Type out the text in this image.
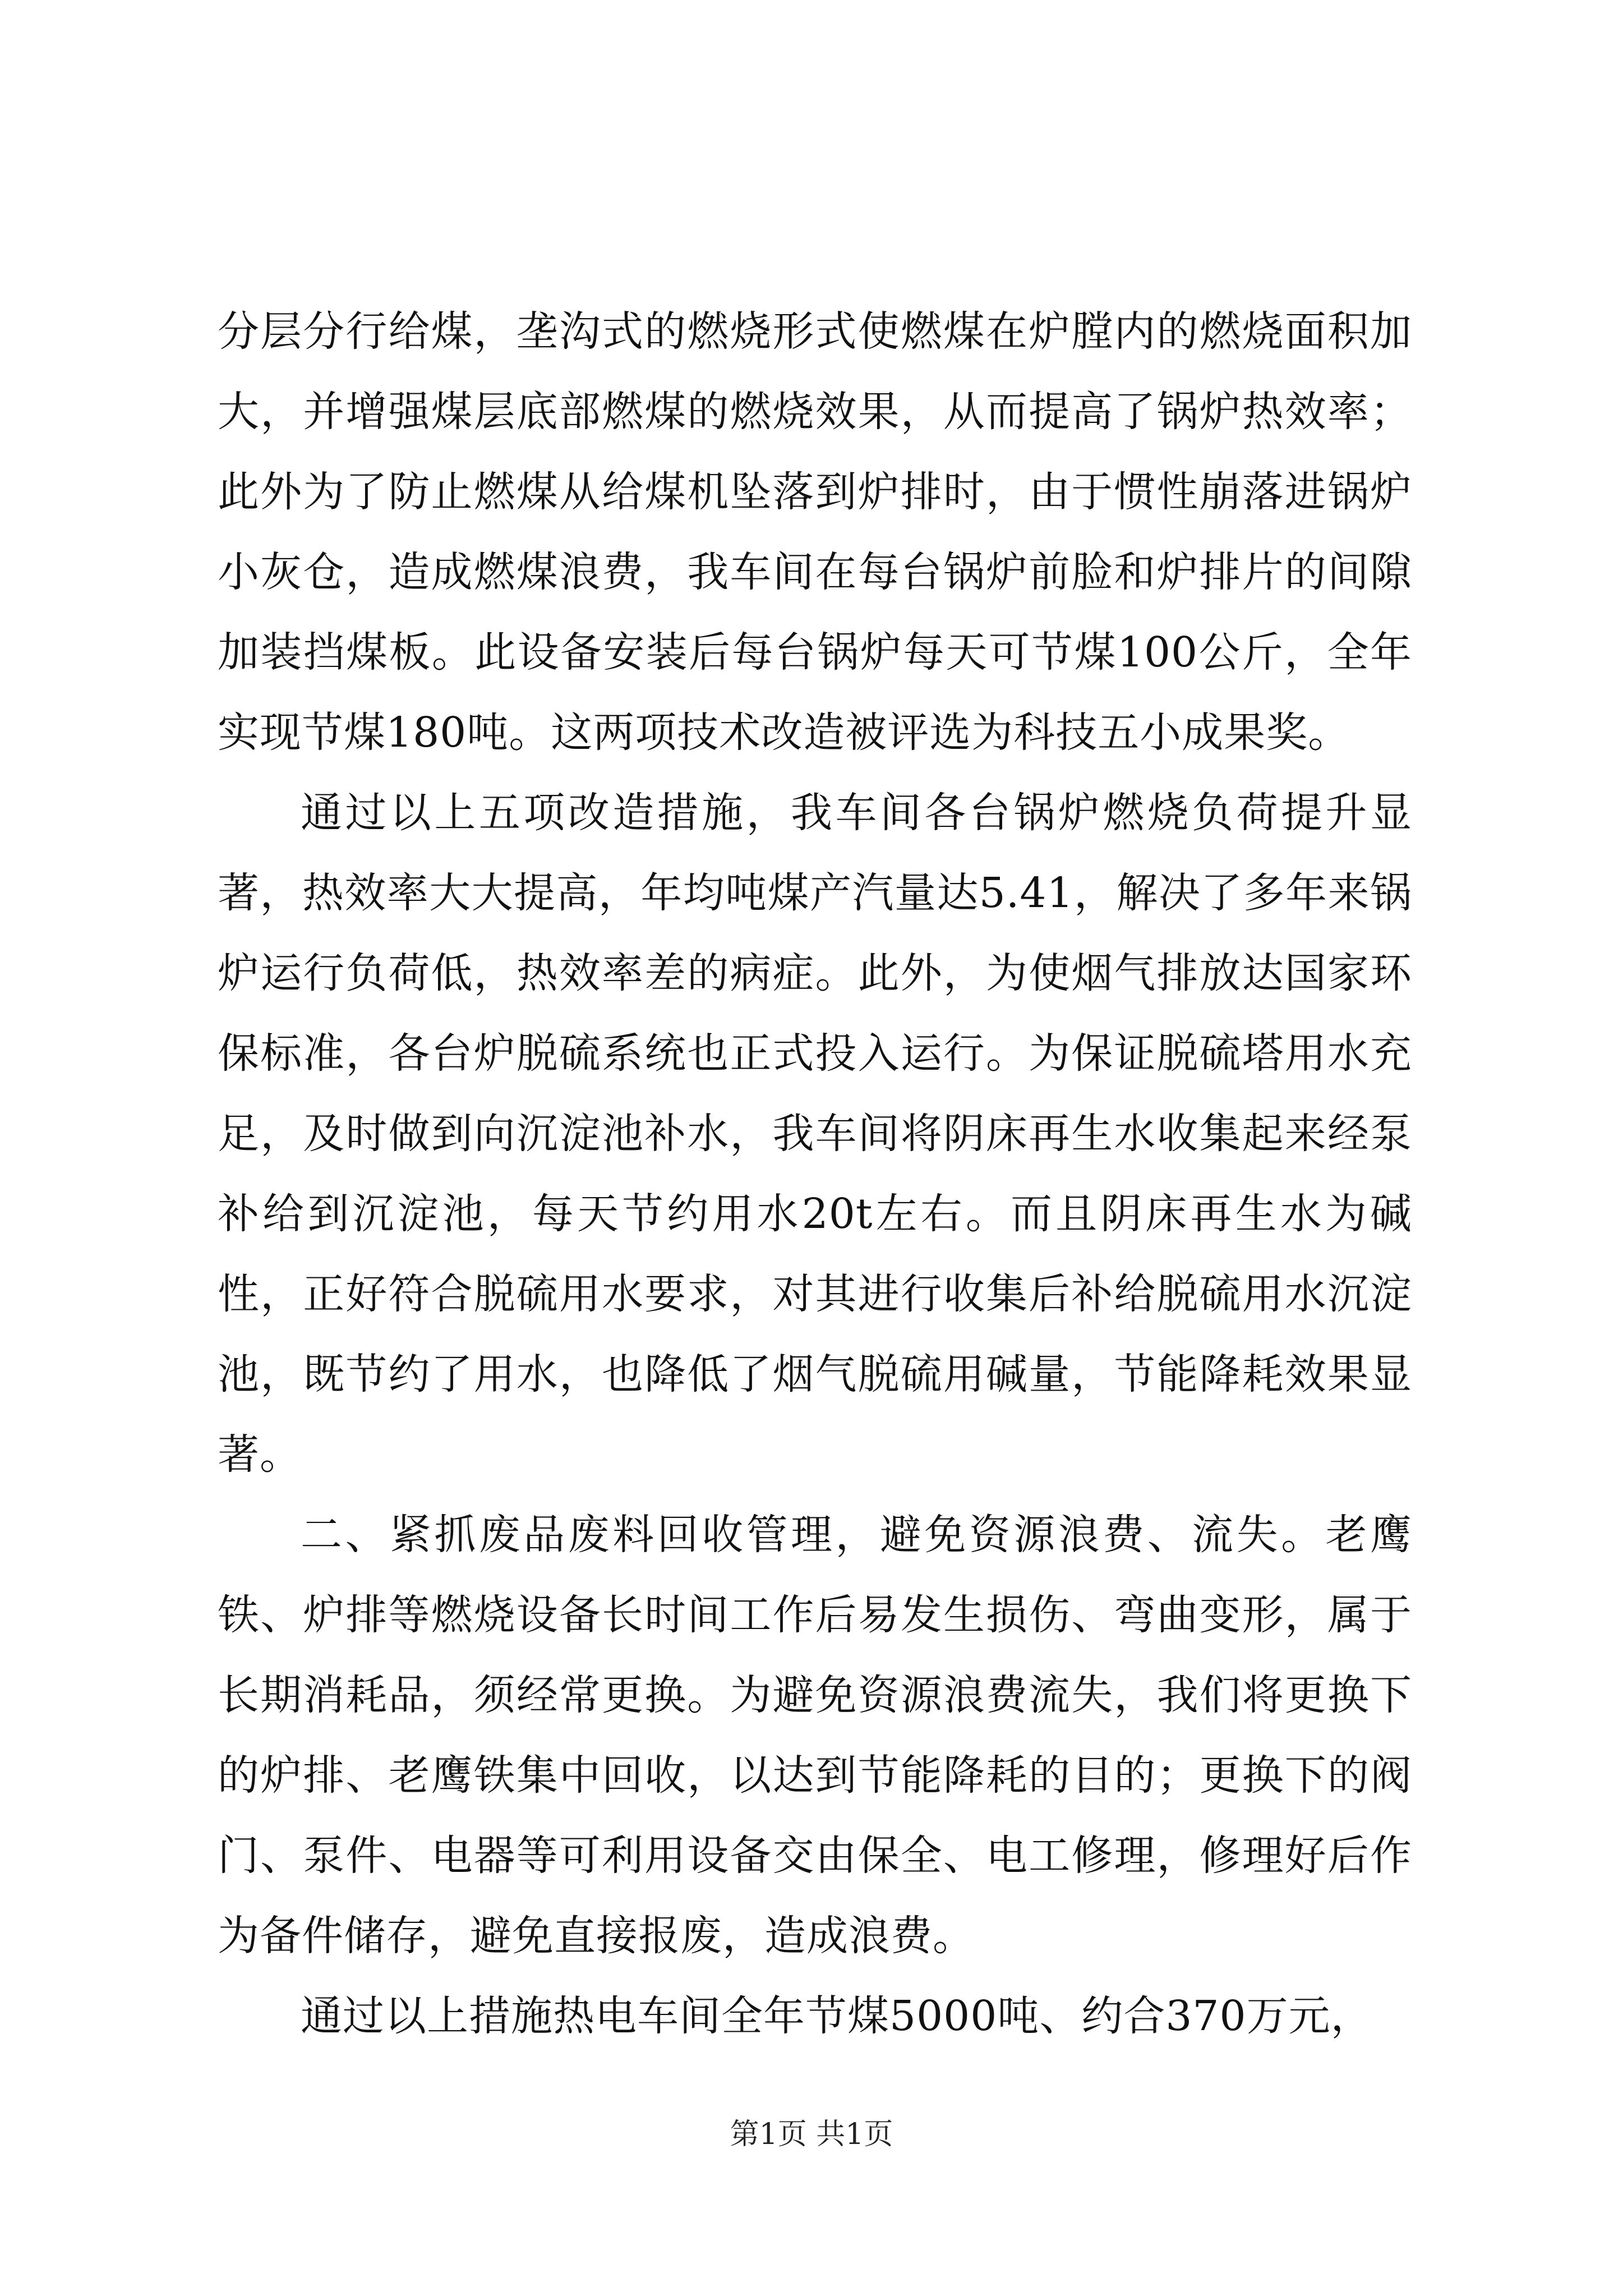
分层分行给煤，垄沟式的燃烧形式使燃煤在炉膛内的燃烧面积加大，并增强煤层底部燃煤的燃烧效果，从而提高了锅炉热效率；此外为了防止燃煤从给煤机坠落到炉排时，由于惯性崩落进锅炉小灰仓，造成燃煤浪费，我车间在每台锅炉前脸和炉排片的间隙加装挡煤板。此设备安装后每台锅炉每天可节煤100公斤，全年实现节煤180吨。这两项技术改造被评选为科技五小成果奖。

通过以上五项改造措施，我车间各台锅炉燃烧负荷提升显著，热效率大大提高，年均吨煤产汽量达5.41，解决了多年来锅炉运行负荷低，热效率差的病症。此外，为使烟气排放达国家环保标准，各台炉脱硫系统也正式投入运行。为保证脱硫塔用水充足，及时做到向沉淀池补水，我车间将阴床再生水收集起来经泵补给到沉淀池，每天节约用水20t左右。而且阴床再生水为碱性，正好符合脱硫用水要求，对其进行收集后补给脱硫用水沉淀池，既节约了用水，也降低了烟气脱硫用碱量，节能降耗效果显著。

二、紧抓废品废料回收管理，避免资源浪费、流失。老鹰铁、炉排等燃烧设备长时间工作后易发生损伤、弯曲变形，属于长期消耗品，须经常更换。为避免资源浪费流失，我们将更换下的炉排、老鹰铁集中回收，以达到节能降耗的目的；更换下的阀门、泵件、电器等可利用设备交由保全、电工修理，修理好后作为备件储存，避免直接报废，造成浪费。

通过以上措施热电车间全年节煤5000吨、约合370万元，

第1页 共1页
